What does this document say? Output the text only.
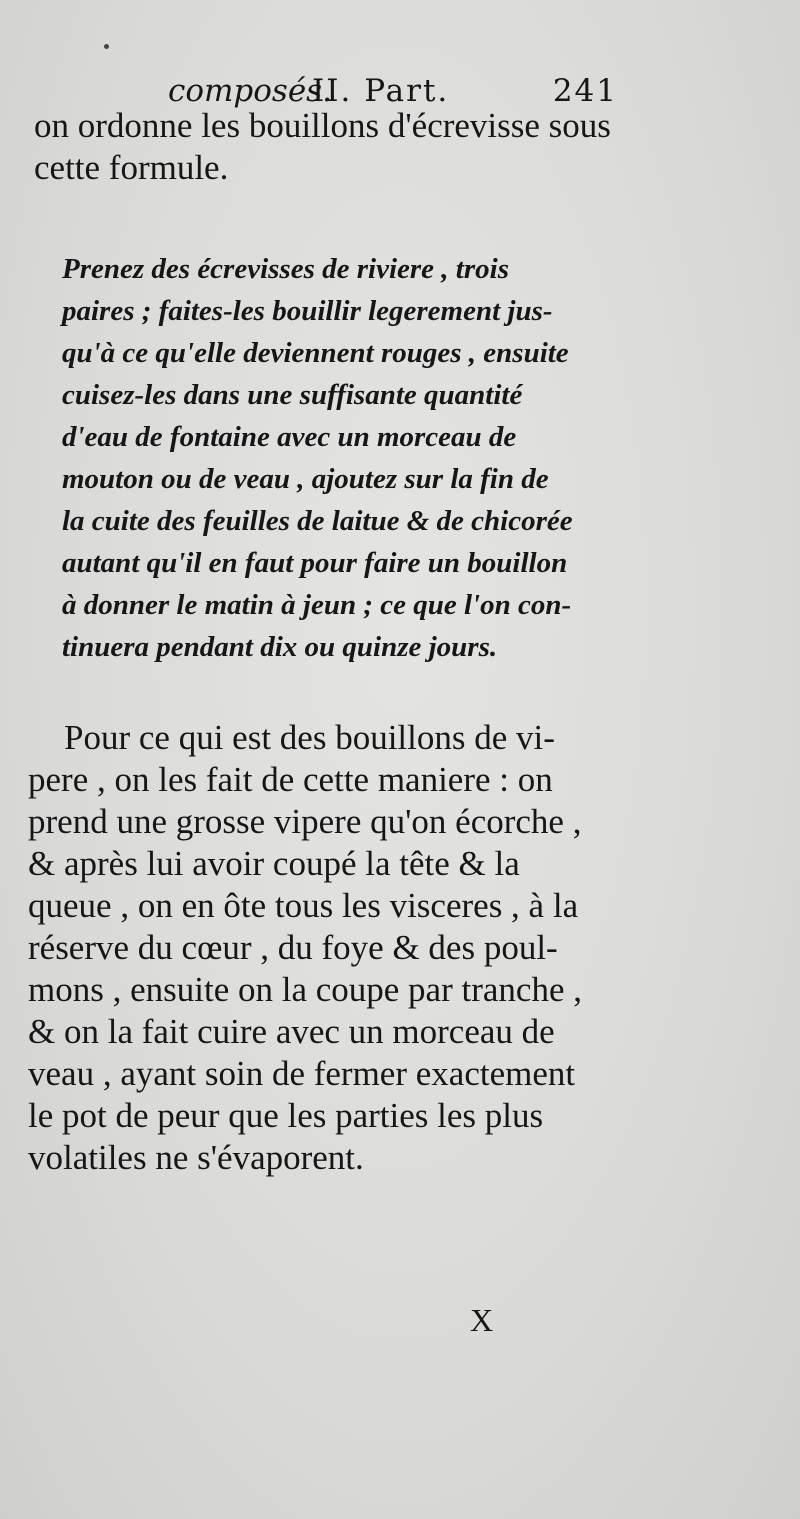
composés.
II. Part.	241
on ordonne les bouillons d'écrevisse sous
cette formule.
Prenez des écrevisses de riviere , trois
paires ; faites-les bouillir legerement jus-
qu'à ce qu'elle deviennent rouges , ensuite
cuisez-les dans une suffisante quantité
d'eau de fontaine avec un morceau de
mouton ou de veau , ajoutez sur la fin de
la cuite des feuilles de laitue & de chicorée
autant qu'il en faut pour faire un bouillon
à donner le matin à jeun ; ce que l'on con-
tinuera pendant dix ou quinze jours.
Pour ce qui est des bouillons de vi-
pere , on les fait de cette maniere : on
prend une grosse vipere qu'on écorche ,
& après lui avoir coupé la tête & la
queue , on en ôte tous les visceres , à la
réserve du cœur , du foye & des poul-
mons , ensuite on la coupe par tranche ,
& on la fait cuire avec un morceau de
veau , ayant soin de fermer exactement
le pot de peur que les parties les plus
volatiles ne s'évaporent.
X
